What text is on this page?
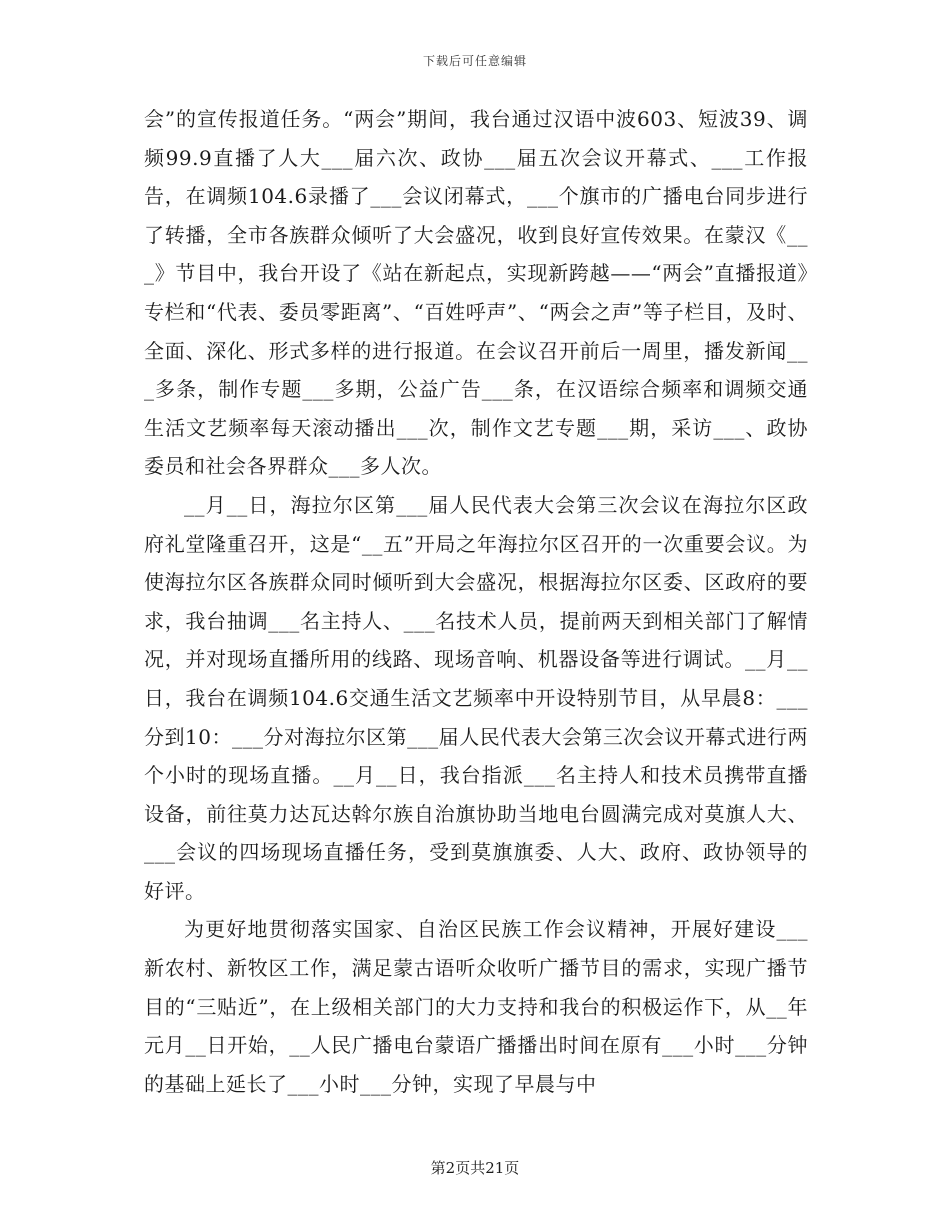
下载后可任意编辑

会”的宣传报道任务。“两会”期间，我台通过汉语中波603、短波39、调频99.9直播了人大___届六次、政协___届五次会议开幕式、___工作报告，在调频104.6录播了___会议闭幕式，___个旗市的广播电台同步进行了转播，全市各族群众倾听了大会盛况，收到良好宣传效果。在蒙汉《___》节目中，我台开设了《站在新起点，实现新跨越——“两会”直播报道》专栏和“代表、委员零距离”、“百姓呼声”、“两会之声”等子栏目，及时、全面、深化、形式多样的进行报道。在会议召开前后一周里，播发新闻___多条，制作专题___多期，公益广告___条，在汉语综合频率和调频交通生活文艺频率每天滚动播出___次，制作文艺专题___期，采访___、政协委员和社会各界群众___多人次。

__月__日，海拉尔区第___届人民代表大会第三次会议在海拉尔区政府礼堂隆重召开，这是“__五”开局之年海拉尔区召开的一次重要会议。为使海拉尔区各族群众同时倾听到大会盛况，根据海拉尔区委、区政府的要求，我台抽调___名主持人、___名技术人员，提前两天到相关部门了解情况，并对现场直播所用的线路、现场音响、机器设备等进行调试。__月__日，我台在调频104.6交通生活文艺频率中开设特别节目，从早晨8：___分到10：___分对海拉尔区第___届人民代表大会第三次会议开幕式进行两个小时的现场直播。__月__日，我台指派___名主持人和技术员携带直播设备，前往莫力达瓦达斡尔族自治旗协助当地电台圆满完成对莫旗人大、___会议的四场现场直播任务，受到莫旗旗委、人大、政府、政协领导的好评。

为更好地贯彻落实国家、自治区民族工作会议精神，开展好建设___新农村、新牧区工作，满足蒙古语听众收听广播节目的需求，实现广播节目的“三贴近”，在上级相关部门的大力支持和我台的积极运作下，从__年元月__日开始，__人民广播电台蒙语广播播出时间在原有___小时___分钟的基础上延长了___小时___分钟，实现了早晨与中

第2页共21页
